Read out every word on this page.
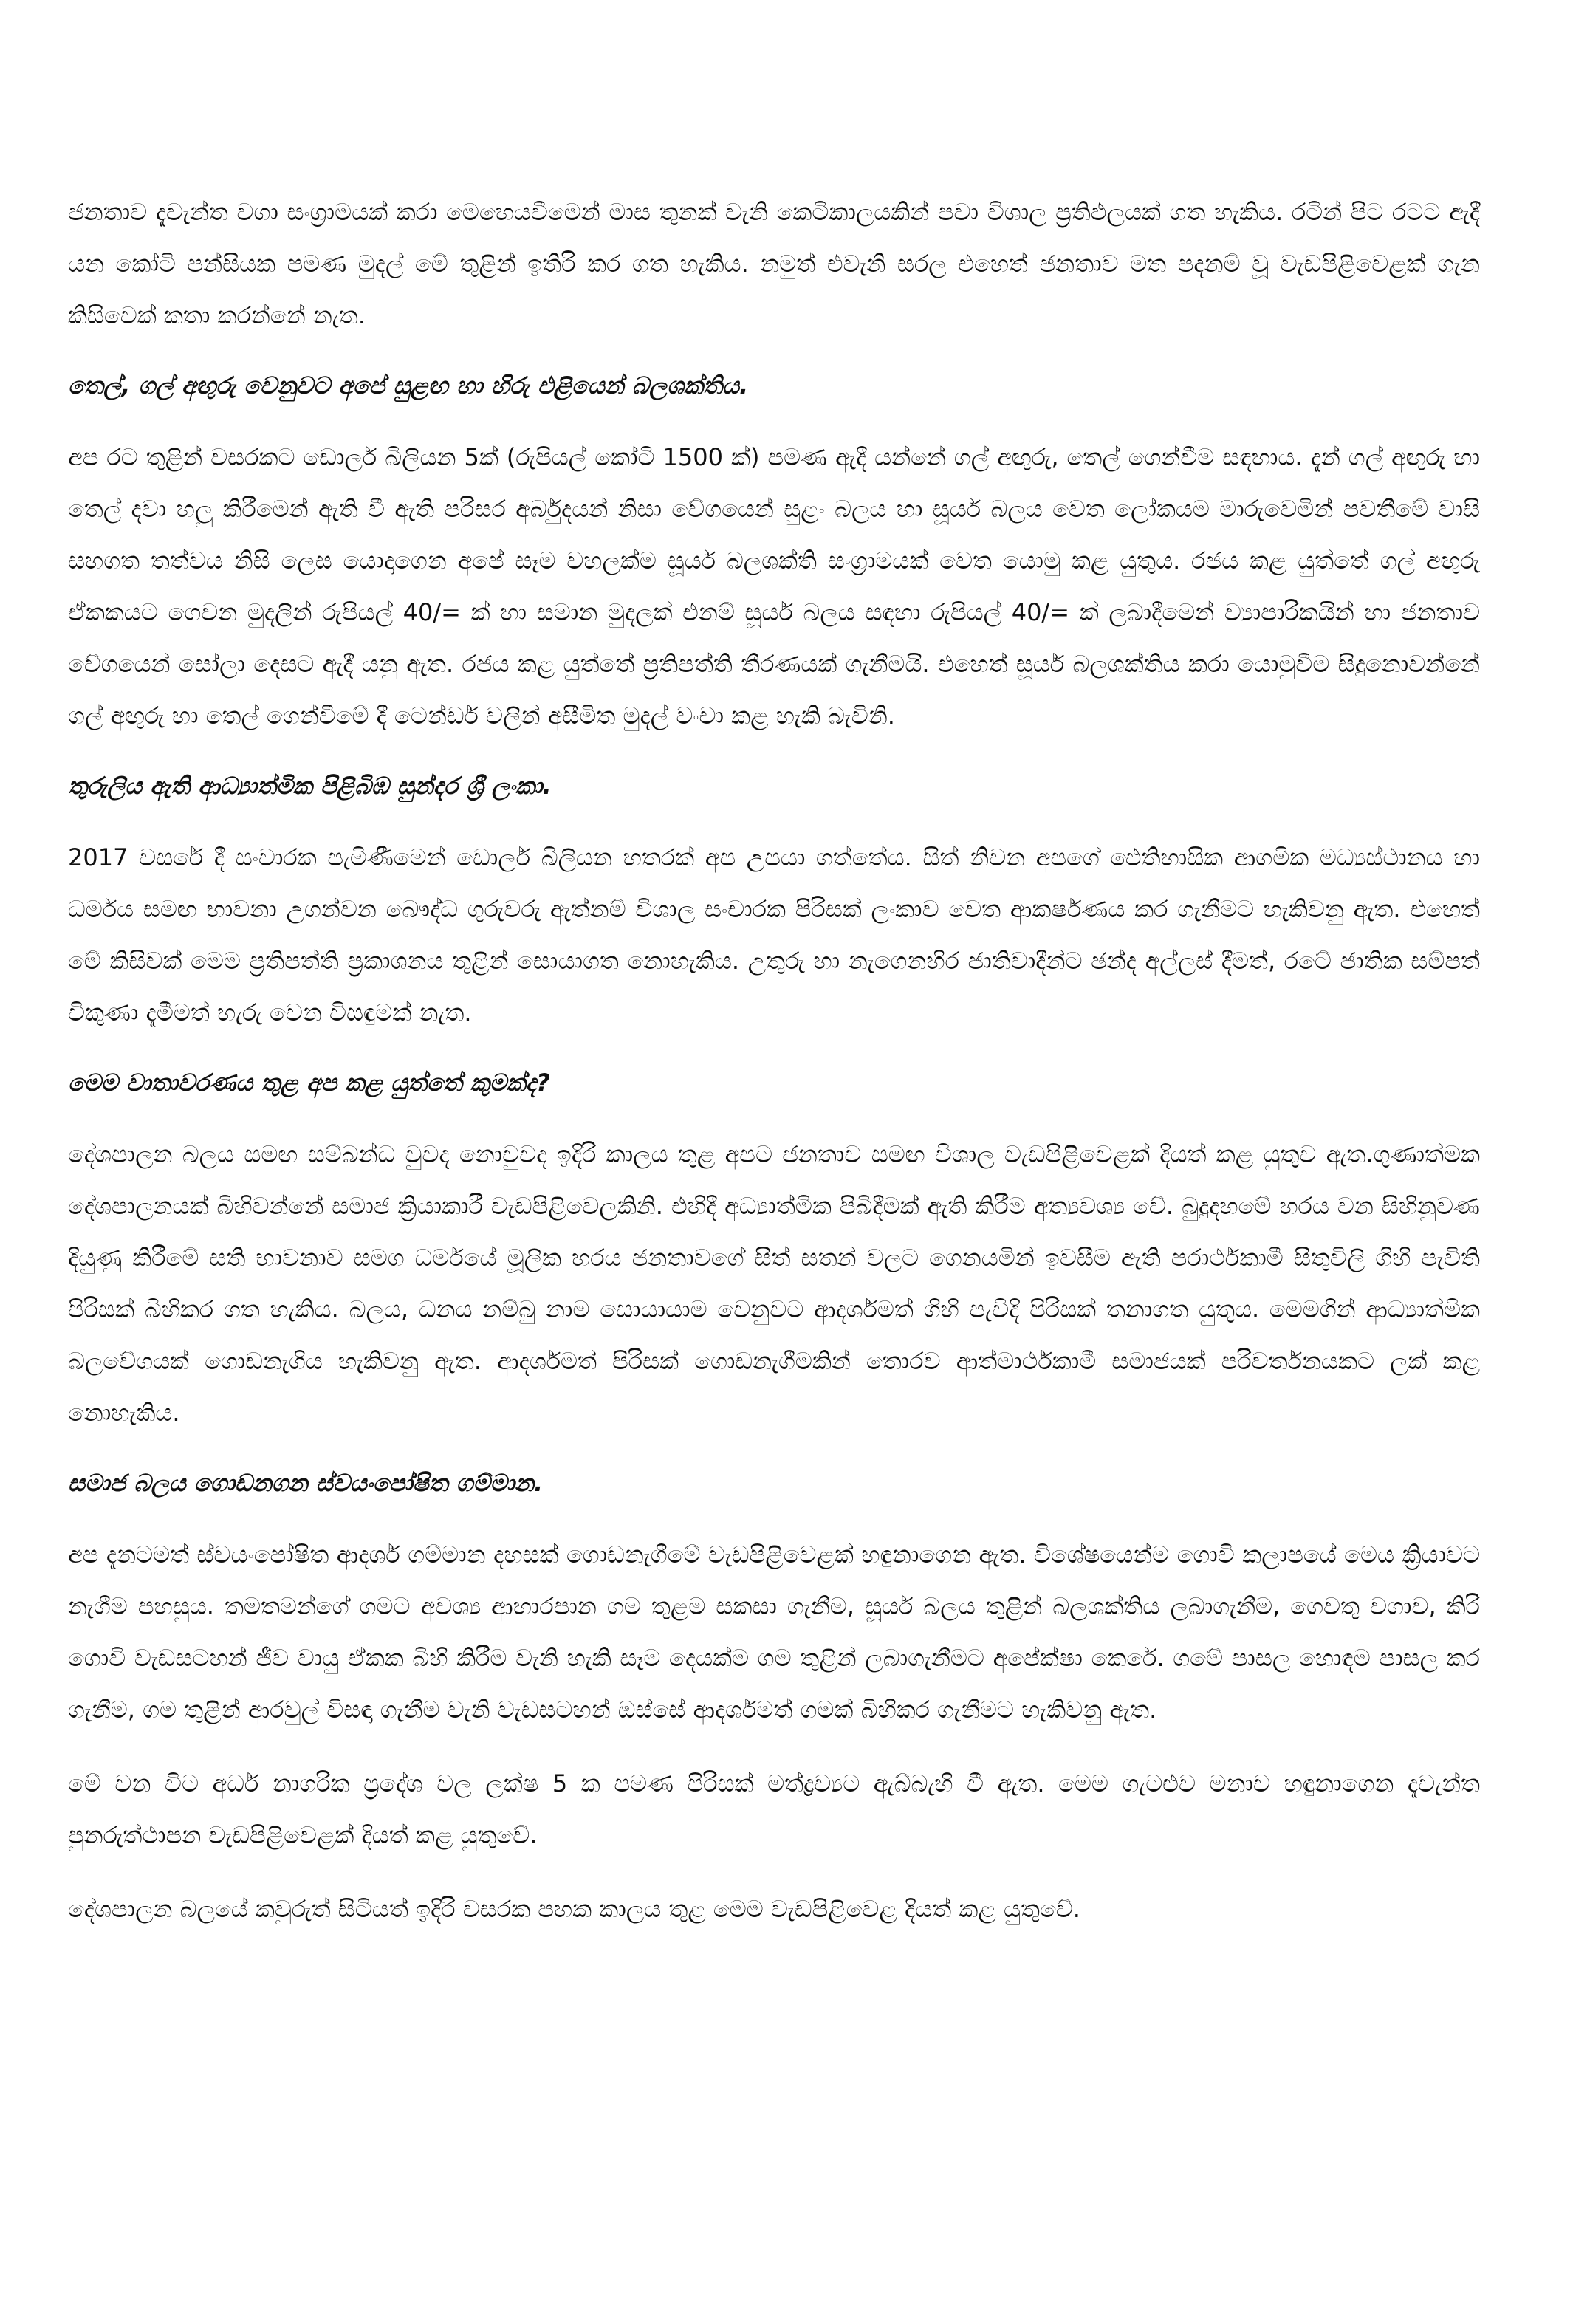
ජනතාව දැවැන්ත වගා සංග්‍රාමයක් කරා මෙහෙයවීමෙන් මාස තුනක් වැනි කෙටිකාලයකින් පවා විශාල ප්‍රතිඵලයක් ගත හැකිය. රටින් පිට රටට ඇදී යන කෝටි පන්සියක පමණ මුදල් මේ තුළින් ඉතිරි කර ගත හැකිය. නමුත් එවැනි සරල එහෙත් ජනතාව මත පදනම් වූ වැඩපිළිවෙළක් ගැන කිසිවෙක් කතා කරන්නේ නැත.

තෙල්, ගල් අඟුරු වෙනුවට අපේ සුළඟ හා හිරු එළියෙන් බලශක්තිය.

අප රට තුළින් වසරකට ඩොලර් බිලියන 5ක් (රුපියල් කෝටි 1500 ක්) පමණ ඇදී යන්නේ ගල් අඟුරු, තෙල් ගෙන්වීම සඳහාය. දැන් ගල් අඟුරු හා තෙල් දවා හලු කිරීමෙන් ඇති වී ඇති පරිසර අර්බුදයන් නිසා වේගයෙන් සුළං බලය හා සූර්ය බලය වෙත ලෝකයම මාරුවෙමින් පවතීමේ වාසි සහගත තත්වය නිසි ලෙස යොදාගෙන අපේ සෑම වහලක්ම සූර්ය බලශක්ති සංග්‍රාමයක් වෙත යොමු කළ යුතුය. රජය කළ යුත්තේ ගල් අඟුරු ඒකකයට ගෙවන මුදලින් රුපියල් 40/= ක් හා සමාන මුදලක් එනම් සූර්ය බලය සඳහා රුපියල් 40/= ක් ලබාදීමෙන් ව්‍යාපාරිකයින් හා ජනතාව වේගයෙන් සෝලා දෙසට ඇදී යනු ඇත. රජය කළ යුත්තේ ප්‍රතිපත්ති තීරණයක් ගැනීමයි. එහෙත් සූර්ය බලශක්තිය කරා යොමුවීම සිදුනොවන්නේ ගල් අඟුරු හා තෙල් ගෙන්වීමේ දී ටෙන්ඩර් වලින් අසීමිත මුදල් වංචා කළ හැකි බැවිනි.

තුරුලිය ඇති ආධ්‍යාත්මික පිළිබිඹ සුන්දර ශ්‍රී ලංකා.

2017 වසරේ දී සංචාරක පැමිණීමෙන් ඩොලර් බිලියන හතරක් අප උපයා ගත්තේය. සිත් නිවන අපගේ ඓතිහාසික ආගමික මධ්‍යස්ථානය හා ධර්මය සමඟ භාවනා උගන්වන බෞද්ධ ගුරුවරු ඇත්නම් විශාල සංචාරක පිරිසක් ලංකාව වෙත ආකර්ෂණය කර ගැනීමට හැකිවනු ඇත. එහෙත් මේ කිසිවක් මෙම ප්‍රතිපත්ති ප්‍රකාශනය තුළින් සොයාගත නොහැකිය. උතුරු හා නැගෙනහිර ජාතිවාදීන්ට ඡන්ද අල්ලස් දීමත්, රටේ ජාතික සම්පත් විකුණා දැමීමත් හැරු වෙන විසඳුමක් නැත.

මෙම වාතාවරණය තුළ අප කළ යුත්තේ කුමක්ද?

දේශපාලන බලය සමඟ සම්බන්ධ වුවද නොවුවද ඉදිරි කාලය තුළ අපට ජනතාව සමඟ විශාල වැඩපිළිවෙළක් දියත් කළ යුතුව ඇත.ගුණාත්මක දේශපාලනයක් බිහිවන්නේ සමාජ ක්‍රියාකාරී වැඩපිළිවෙලකිනි. එහිදී අධ්‍යාත්මික පිබිදීමක් ඇති කිරීම අත්‍යවශ්‍ය වේ. බුදුදහමේ හරය වන සිහිනුවණ දියුණු කිරීමේ සති භාවනාව සමග ධර්මයේ මූලික හරය ජනතාවගේ සිත් සතන් වලට ගෙනයමින් ඉවසීම ඇති පරාර්ථකාමී සිතුවිලි ගිහි පැවිති පිරිසක් බිහිකර ගත හැකිය. බලය, ධනය නම්බු නාම සොයායාම වෙනුවට ආදර්ශමත් ගිහි පැවිදි පිරිසක් තනාගත යුතුය. මෙමගින් ආධ්‍යාත්මික බලවේගයක් ගොඩනැගිය හැකිවනු ඇත. ආදර්ශමත් පිරිසක් ගොඩනැගීමකින් තොරව ආත්මාර්ථකාමී සමාජයක් පරිවර්තනයකට ලක් කළ නොහැකිය.

සමාජ බලය ගොඩනගන ස්වයංපෝෂිත ගම්මාන.

අප දැනටමත් ස්වයංපෝෂිත ආදර්ශ ගම්මාන දහසක් ගොඩනැගීමේ වැඩපිළිවෙළක් හඳුනාගෙන ඇත. විශේෂයෙන්ම ගොවි කලාපයේ මෙය ක්‍රියාවට නැගීම පහසුය. තමතමන්ගේ ගමට අවශ්‍ය ආහාරපාන ගම තුළම සකසා ගැනීම, සූර්ය බලය තුළින් බලශක්තිය ලබාගැනීම, ගෙවතු වගාව, කිරි ගොවි වැඩසටහන් ජීව වායු ඒකක බිහි කිරීම වැනි හැකි සෑම දෙයක්ම ගම තුළින් ලබාගැනීමට අපේක්ෂා කෙරේ. ගමේ පාසල හොඳම පාසල කර ගැනීම, ගම තුළින් ආරවුල් විසඳා ගැනීම වැනි වැඩසටහන් ඔස්සේ ආදර්ශමත් ගමක් බිහිකර ගැනීමට හැකිවනු ඇත.

මේ වන විට අර්ධ නාගරික ප්‍රදේශ වල ලක්ෂ 5 ක පමණ පිරිසක් මත්ද්‍රව්‍යට ඇබ්බැහි වී ඇත. මෙම ගැටළුව මනාව හඳුනාගෙන දැවැන්ත පුනරුත්ථාපන වැඩපිළිවෙළක් දියත් කළ යුතුවේ.

දේශපාලන බලයේ කවුරුත් සිටියත් ඉදිරි වසරක පහක කාලය තුළ මෙම වැඩපිළිවෙළ දියත් කළ යුතුවේ.
